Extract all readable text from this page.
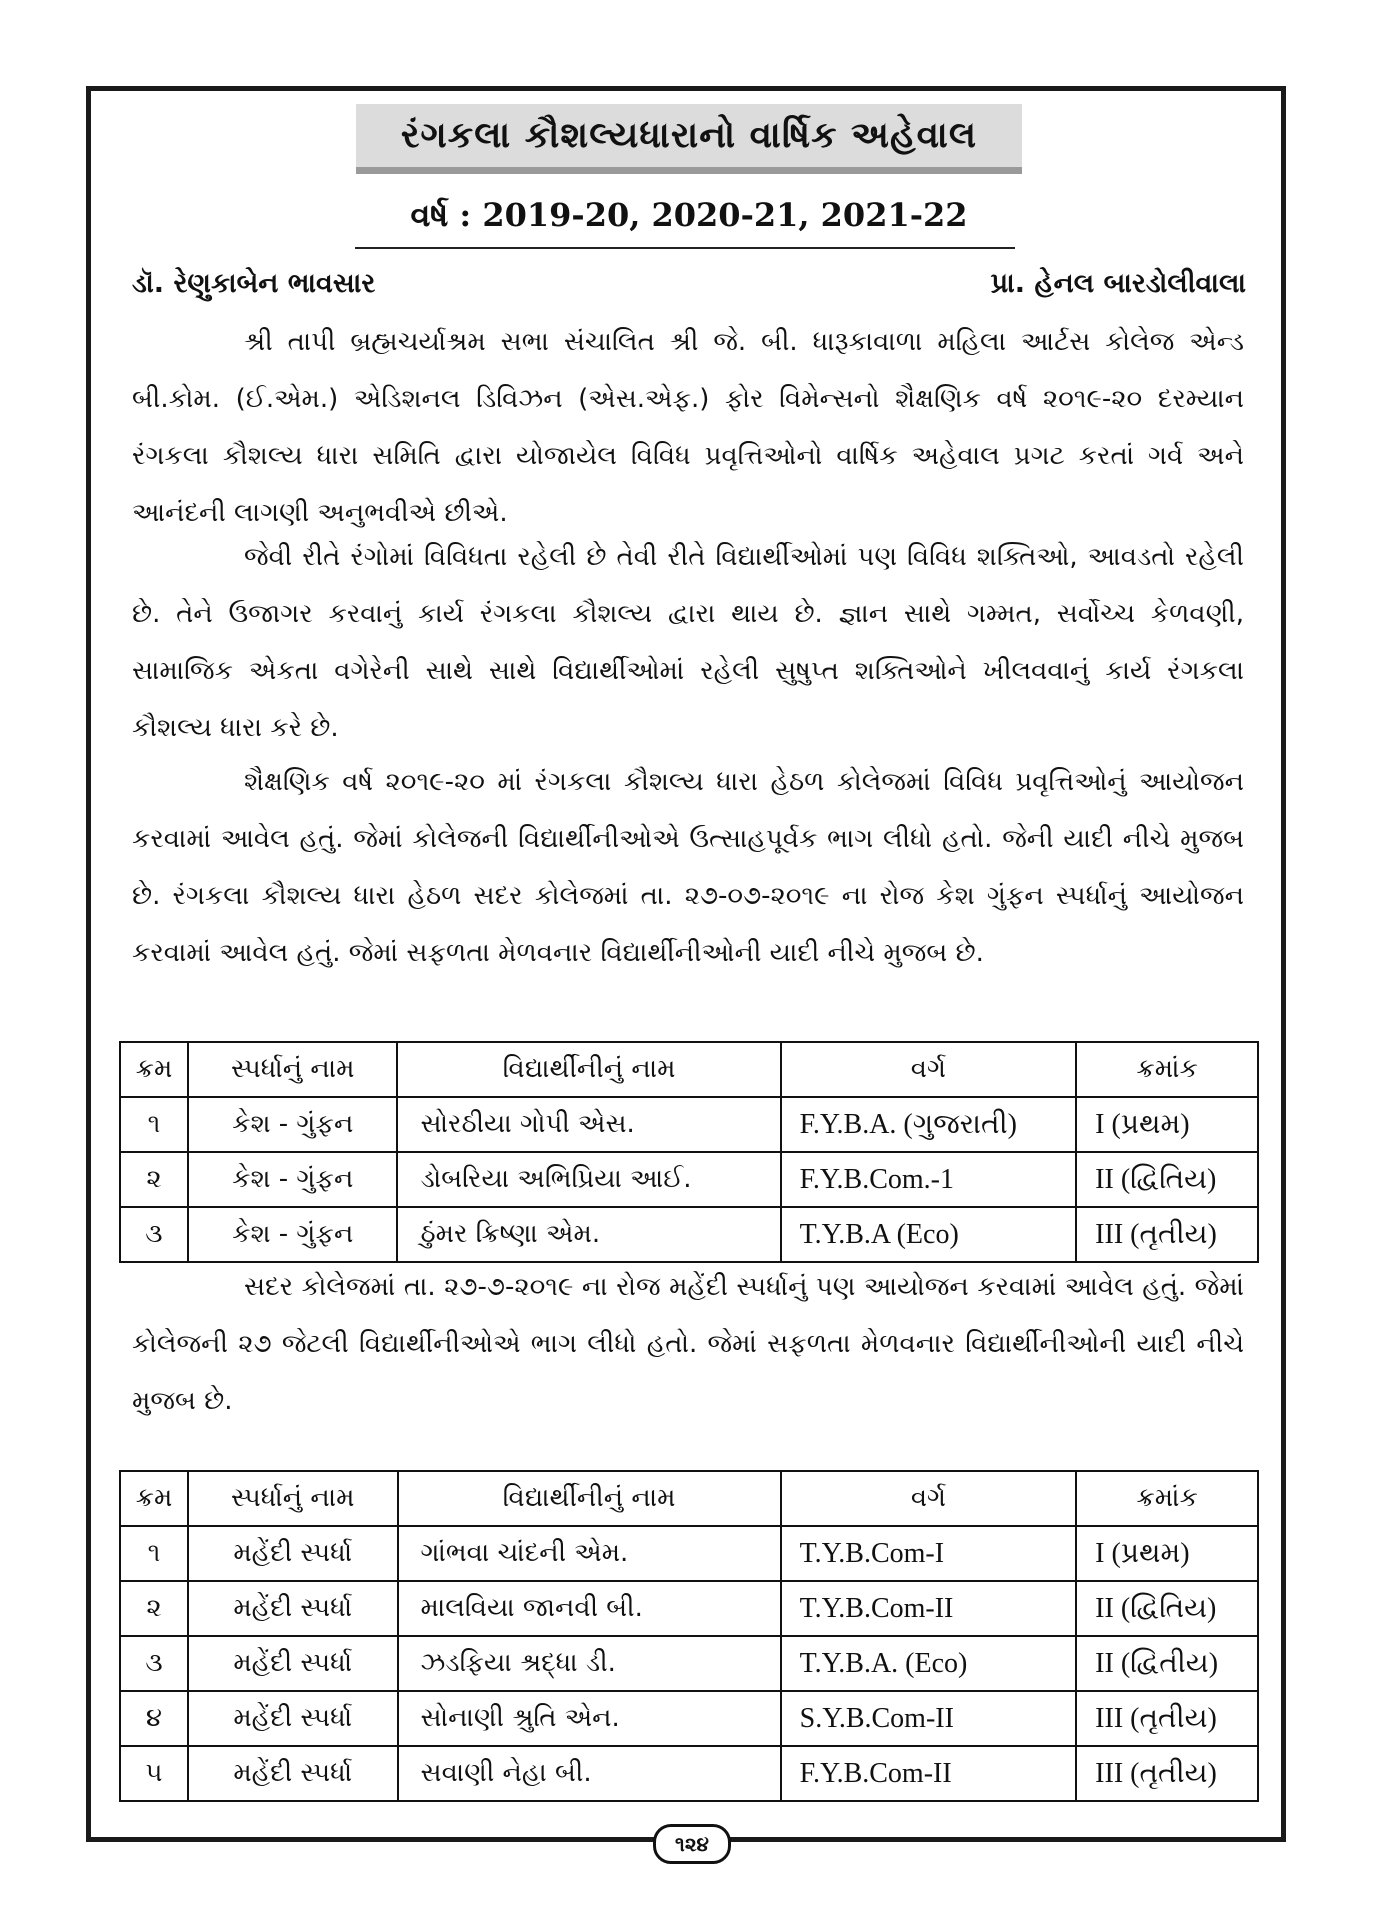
રંગકલા કૌશલ્યધારાનો વાર્ષિક અહેવાલ
વર્ષ : 2019-20, 2020-21, 2021-22
ડૉ. રેણુકાબેન ભાવસાર	પ્રા. હેનલ બારડોલીવાલા

શ્રી તાપી બ્રહ્મચર્યાશ્રમ સભા સંચાલિત શ્રી જે. બી. ધારૂકાવાળા મહિલા આર્ટસ કોલેજ એન્ડ બી.કોમ. (ઈ.એમ.) એડિશનલ ડિવિઝન (એસ.એફ.) ફોર વિમેન્સનો શૈક્ષણિક વર્ષ ૨૦૧૯-૨૦ દરમ્યાન રંગકલા કૌશલ્ય ધારા સમિતિ દ્વારા યોજાયેલ વિવિધ પ્રવૃત્તિઓનો વાર્ષિક અહેવાલ પ્રગટ કરતાં ગર્વ અને આનંદની લાગણી અનુભવીએ છીએ.

જેવી રીતે રંગોમાં વિવિધતા રહેલી છે તેવી રીતે વિદ્યાર્થીઓમાં પણ વિવિધ શક્તિઓ, આવડતો રહેલી છે. તેને ઉજાગર કરવાનું કાર્ય રંગકલા કૌશલ્ય દ્વારા થાય છે. જ્ઞાન સાથે ગમ્મત, સર્વોચ્ચ કેળવણી, સામાજિક એકતા વગેરેની સાથે સાથે વિદ્યાર્થીઓમાં રહેલી સુષુપ્ત શક્તિઓને ખીલવવાનું કાર્ય રંગકલા કૌશલ્ય ધારા કરે છે.

શૈક્ષણિક વર્ષ ૨૦૧૯-૨૦ માં રંગકલા કૌશલ્ય ધારા હેઠળ કોલેજમાં વિવિધ પ્રવૃત્તિઓનું આયોજન કરવામાં આવેલ હતું. જેમાં કોલેજની વિદ્યાર્થીનીઓએ ઉત્સાહપૂર્વક ભાગ લીધો હતો. જેની યાદી નીચે મુજબ છે. રંગકલા કૌશલ્ય ધારા હેઠળ સદર કોલેજમાં તા. ૨૭-૦૭-૨૦૧૯ ના રોજ કેશ ગુંફન સ્પર્ધાનું આયોજન કરવામાં આવેલ હતું. જેમાં સફળતા મેળવનાર વિદ્યાર્થીનીઓની યાદી નીચે મુજબ છે.

ક્રમ	સ્પર્ધાનું નામ	વિદ્યાર્થીનીનું નામ	વર્ગ	ક્રમાંક
૧	કેશ - ગુંફન	સોરઠીયા ગોપી એસ.	F.Y.B.A. (ગુજરાતી)	I (પ્રથમ)
૨	કેશ - ગુંફન	ડોબરિયા અભિપ્રિયા આઈ.	F.Y.B.Com.-1	II (દ્વિતિય)
૩	કેશ - ગુંફન	ઠુંમર ક્રિષ્ણા એમ.	T.Y.B.A (Eco)	III (તૃતીય)

સદર કોલેજમાં તા. ૨૭-૭-૨૦૧૯ ના રોજ મહેંદી સ્પર્ધાનું પણ આયોજન કરવામાં આવેલ હતું. જેમાં કોલેજની ૨૭ જેટલી વિદ્યાર્થીનીઓએ ભાગ લીધો હતો. જેમાં સફળતા મેળવનાર વિદ્યાર્થીનીઓની યાદી નીચે મુજબ છે.

ક્રમ	સ્પર્ધાનું નામ	વિદ્યાર્થીનીનું નામ	વર્ગ	ક્રમાંક
૧	મહેંદી સ્પર્ધા	ગાંભવા ચાંદની એમ.	T.Y.B.Com-I	I (પ્રથમ)
૨	મહેંદી સ્પર્ધા	માલવિયા જાનવી બી.	T.Y.B.Com-II	II (દ્વિતિય)
૩	મહેંદી સ્પર્ધા	ઝડફિયા શ્રદ્ધા ડી.	T.Y.B.A. (Eco)	II (દ્વિતીય)
૪	મહેંદી સ્પર્ધા	સોનાણી શ્રુતિ એન.	S.Y.B.Com-II	III (તૃતીય)
૫	મહેંદી સ્પર્ધા	સવાણી નેહા બી.	F.Y.B.Com-II	III (તૃતીય)
૧૨૪
